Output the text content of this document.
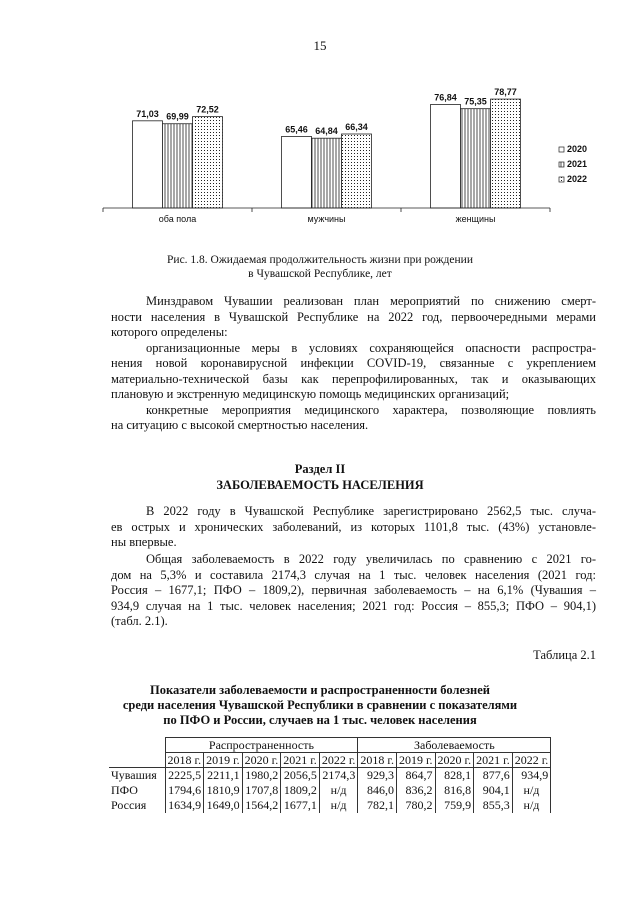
15
71,03 69,99
72,52
оба пола
65,46 64,84 66,34
мужчины
76,84 75,35
78,77
женщины
2020
2021
2022
Рис. 1.8. Ожидаемая продолжительность жизни при рождении
в Чувашской Республике, лет
Минздравом Чувашии реализован план мероприятий по снижению смерт-
ности населения в Чувашской Республике на 2022 год, первоочередными мерами
которого определены:
организационные меры в условиях сохраняющейся опасности распростра-
нения новой коронавирусной инфекции COVID-19, связанные с укреплением
материально-технической базы как перепрофилированных, так и оказывающих
плановую и экстренную медицинскую помощь медицинских организаций;
конкретные мероприятия медицинского характера, позволяющие повлиять
на ситуацию с высокой смертностью населения.
Раздел II
ЗАБОЛЕВАЕМОСТЬ НАСЕЛЕНИЯ
В 2022 году в Чувашской Республике зарегистрировано 2562,5 тыс. случа-
ев острых и хронических заболеваний, из которых 1101,8 тыс. (43%) установле-
ны впервые.
Общая заболеваемость в 2022 году увеличилась по сравнению с 2021 го-
дом на 5,3% и составила 2174,3 случая на 1 тыс. человек населения (2021 год:
Россия – 1677,1; ПФО – 1809,2), первичная заболеваемость – на 6,1% (Чувашия –
934,9 случая на 1 тыс. человек населения; 2021 год: Россия – 855,3; ПФО – 904,1)
(табл. 2.1).
Таблица 2.1
Показатели заболеваемости и распространенности болезней
среди населения Чувашской Республики в сравнении с показателями
по ПФО и России, случаев на 1 тыс. человек населения
	Распространенность					Заболеваемость				
	2018 г.	2019 г.	2020 г.	2021 г.	2022 г.	2018 г.	2019 г.	2020 г.	2021 г.	2022 г.
Чувашия	2225,5	2211,1	1980,2	2056,5	2174,3	929,3	864,7	828,1	877,6	934,9
ПФО	1794,6	1810,9	1707,8	1809,2	н/д	846,0	836,2	816,8	904,1	н/д
Россия	1634,9	1649,0	1564,2	1677,1	н/д	782,1	780,2	759,9	855,3	н/д
